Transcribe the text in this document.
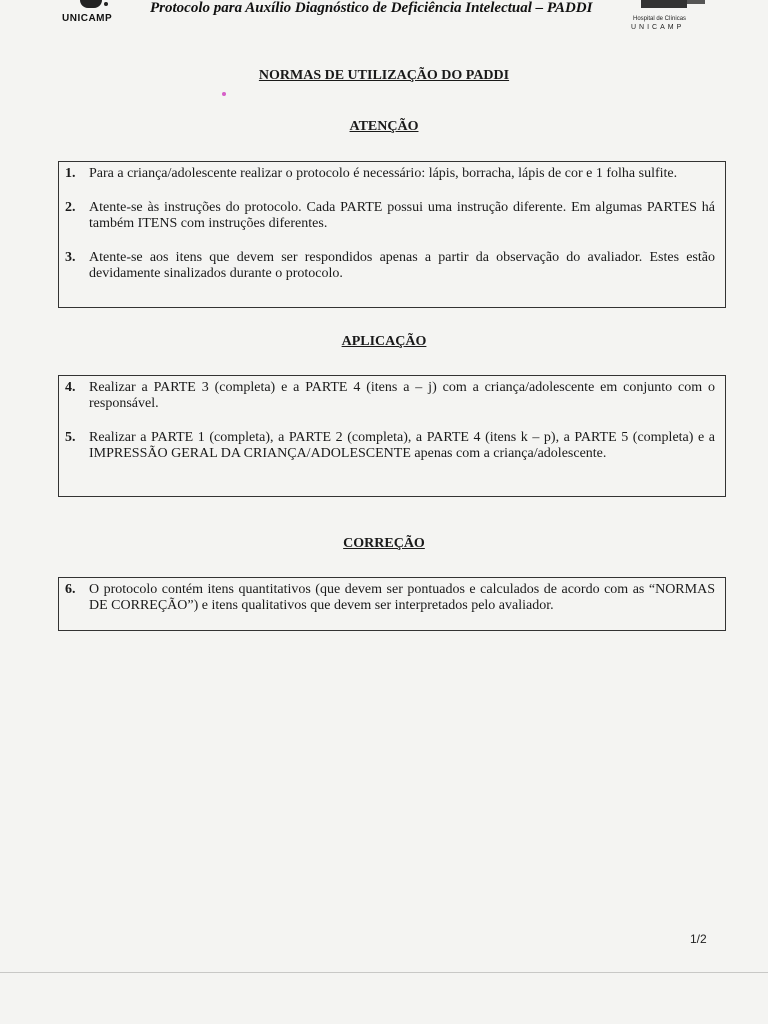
UNICAMP
Protocolo para Auxílio Diagnóstico de Deficiência Intelectual – PADDI
Hospital de Clínicas
UNICAMP
NORMAS DE UTILIZAÇÃO DO PADDI
ATENÇÃO
1. Para a criança/adolescente realizar o protocolo é necessário: lápis, borracha, lápis de cor e 1 folha sulfite.
2. Atente-se às instruções do protocolo. Cada PARTE possui uma instrução diferente. Em algumas PARTES há também ITENS com instruções diferentes.
3. Atente-se aos itens que devem ser respondidos apenas a partir da observação do avaliador. Estes estão devidamente sinalizados durante o protocolo.
APLICAÇÃO
4. Realizar a PARTE 3 (completa) e a PARTE 4 (itens a – j) com a criança/adolescente em conjunto com o responsável.
5. Realizar a PARTE 1 (completa), a PARTE 2 (completa), a PARTE 4 (itens k – p), a PARTE 5 (completa) e a IMPRESSÃO GERAL DA CRIANÇA/ADOLESCENTE apenas com a criança/adolescente.
CORREÇÃO
6. O protocolo contém itens quantitativos (que devem ser pontuados e calculados de acordo com as “NORMAS DE CORREÇÃO”) e itens qualitativos que devem ser interpretados pelo avaliador.
1/2
